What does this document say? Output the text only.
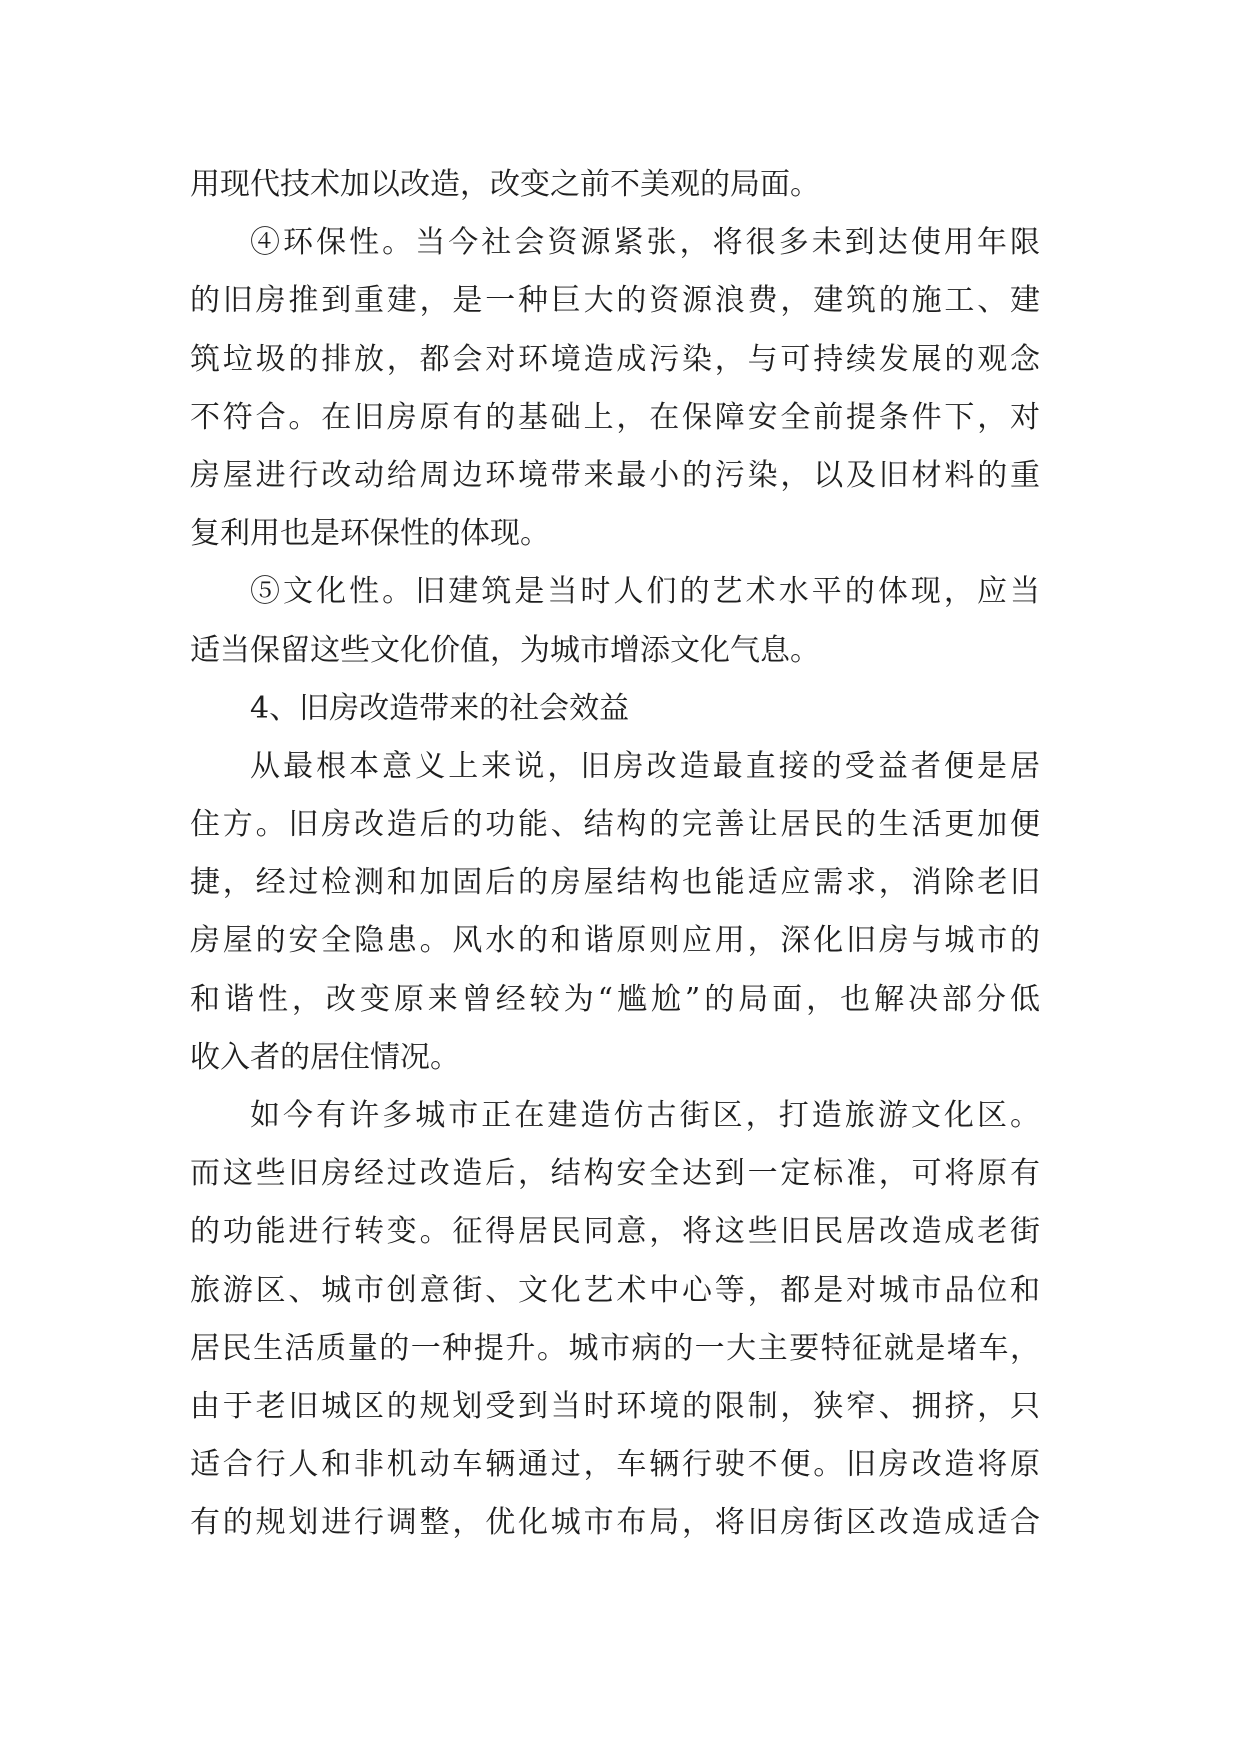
用现代技术加以改造，改变之前不美观的局面。
④环保性。当今社会资源紧张，将很多未到达使用年限
的旧房推到重建，是一种巨大的资源浪费，建筑的施工、建
筑垃圾的排放，都会对环境造成污染，与可持续发展的观念
不符合。在旧房原有的基础上，在保障安全前提条件下，对
房屋进行改动给周边环境带来最小的污染，以及旧材料的重
复利用也是环保性的体现。
⑤文化性。旧建筑是当时人们的艺术水平的体现，应当
适当保留这些文化价值，为城市增添文化气息。
4、旧房改造带来的社会效益
从最根本意义上来说，旧房改造最直接的受益者便是居
住方。旧房改造后的功能、结构的完善让居民的生活更加便
捷，经过检测和加固后的房屋结构也能适应需求，消除老旧
房屋的安全隐患。风水的和谐原则应用，深化旧房与城市的
和谐性，改变原来曾经较为“尴尬”的局面，也解决部分低
收入者的居住情况。
如今有许多城市正在建造仿古街区，打造旅游文化区。
而这些旧房经过改造后，结构安全达到一定标准，可将原有
的功能进行转变。征得居民同意，将这些旧民居改造成老街
旅游区、城市创意街、文化艺术中心等，都是对城市品位和
居民生活质量的一种提升。城市病的一大主要特征就是堵车，
由于老旧城区的规划受到当时环境的限制，狭窄、拥挤，只
适合行人和非机动车辆通过，车辆行驶不便。旧房改造将原
有的规划进行调整，优化城市布局，将旧房街区改造成适合
